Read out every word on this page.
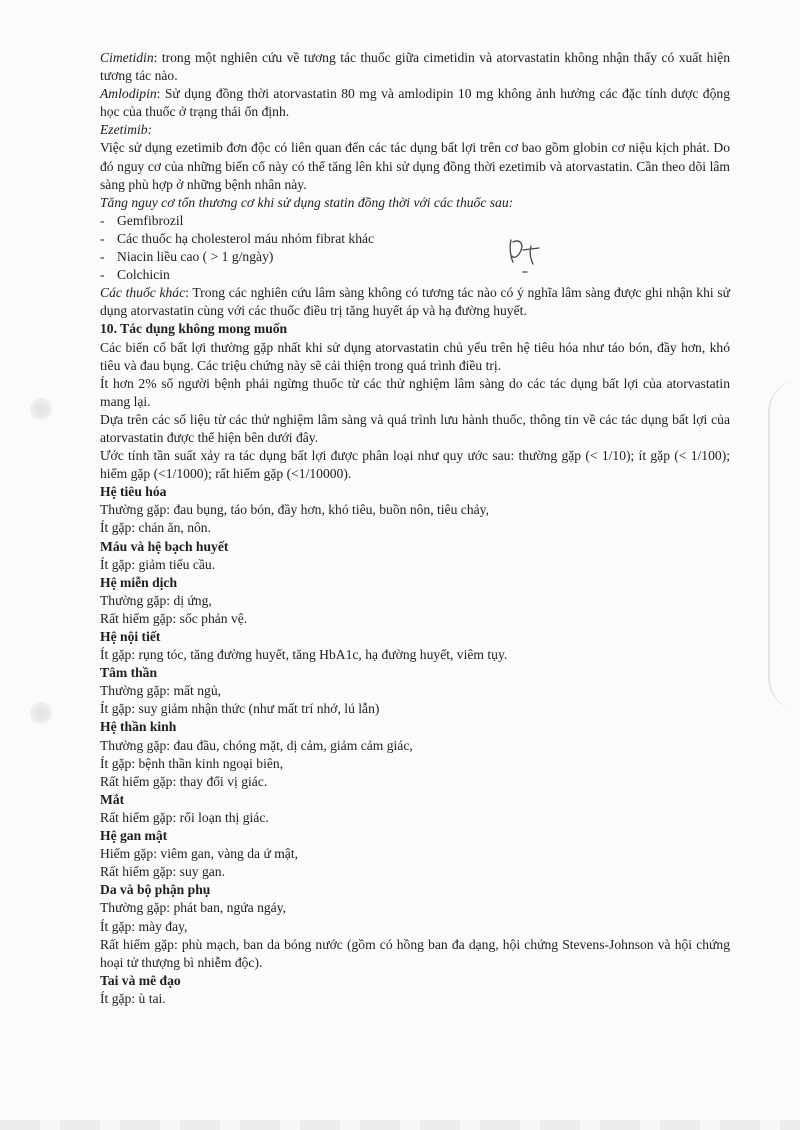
Cimetidin: trong một nghiên cứu về tương tác thuốc giữa cimetidin và atorvastatin không nhận thấy có xuất hiện tương tác nào.

Amlodipin: Sử dụng đồng thời atorvastatin 80 mg và amlodipin 10 mg không ảnh hưởng các đặc tính dược động học của thuốc ở trạng thái ổn định.

Ezetimib:

Việc sử dụng ezetimib đơn độc có liên quan đến các tác dụng bất lợi trên cơ bao gồm globin cơ niệu kịch phát. Do đó nguy cơ của những biến cố này có thể tăng lên khi sử dụng đồng thời ezetimib và atorvastatin. Cần theo dõi lâm sàng phù hợp ở những bệnh nhân này.

Tăng nguy cơ tổn thương cơ khi sử dụng statin đồng thời với các thuốc sau:

- Gemfibrozil

- Các thuốc hạ cholesterol máu nhóm fibrat khác

- Niacin liều cao ( > 1 g/ngày)

- Colchicin

Các thuốc khác: Trong các nghiên cứu lâm sàng không có tương tác nào có ý nghĩa lâm sàng được ghi nhận khi sử dụng atorvastatin cùng với các thuốc điều trị tăng huyết áp và hạ đường huyết.

10. Tác dụng không mong muốn

Các biến cố bất lợi thường gặp nhất khi sử dụng atorvastatin chủ yếu trên hệ tiêu hóa như táo bón, đầy hơn, khó tiêu và đau bụng. Các triệu chứng này sẽ cải thiện trong quá trình điều trị.

Ít hơn 2% số người bệnh phải ngừng thuốc từ các thử nghiệm lâm sàng do các tác dụng bất lợi của atorvastatin mang lại.

Dựa trên các số liệu từ các thử nghiệm lâm sàng và quá trình lưu hành thuốc, thông tin về các tác dụng bất lợi của atorvastatin được thể hiện bên dưới đây.

Ước tính tần suất xảy ra tác dụng bất lợi được phân loại như quy ước sau: thường gặp (< 1/10); ít gặp (< 1/100); hiếm gặp (<1/1000); rất hiếm gặp (<1/10000).

Hệ tiêu hóa

Thường gặp: đau bụng, táo bón, đầy hơn, khó tiêu, buồn nôn, tiêu chảy,

Ít gặp: chán ăn, nôn.

Máu và hệ bạch huyết

Ít gặp: giảm tiểu cầu.

Hệ miễn dịch

Thường gặp: dị ứng,

Rất hiếm gặp: sốc phản vệ.

Hệ nội tiết

Ít gặp: rụng tóc, tăng đường huyết, tăng HbA1c, hạ đường huyết, viêm tụy.

Tâm thần

Thường gặp: mất ngủ,

Ít gặp: suy giảm nhận thức (như mất trí nhớ, lú lẫn)

Hệ thần kinh

Thường gặp: đau đầu, chóng mặt, dị cảm, giảm cảm giác,

Ít gặp: bệnh thần kinh ngoại biên,

Rất hiếm gặp: thay đổi vị giác.

Mắt

Rất hiếm gặp: rối loạn thị giác.

Hệ gan mật

Hiếm gặp: viêm gan, vàng da ứ mật,

Rất hiếm gặp: suy gan.

Da và bộ phận phụ

Thường gặp: phát ban, ngứa ngáy,

Ít gặp: mày đay,

Rất hiếm gặp: phù mạch, ban da bóng nước (gồm có hồng ban đa dạng, hội chứng Stevens-Johnson và hội chứng hoại tử thượng bì nhiễm độc).

Tai và mê đạo

Ít gặp: ù tai.
